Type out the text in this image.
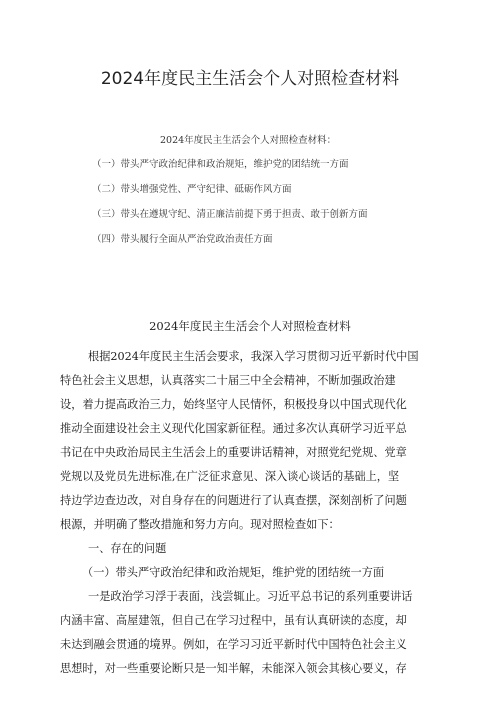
2024年度民主生活会个人对照检查材料
2024年度民主生活会个人对照检查材料：
（一）带头严守政治纪律和政治规矩，维护党的团结统一方面
（二）带头增强党性、严守纪律、砥砺作风方面
（三）带头在遵规守纪、清正廉洁前提下勇于担责、敢于创新方面
（四）带头履行全面从严治党政治责任方面
2024年度民主生活会个人对照检查材料
根据2024年度民主生活会要求，我深入学习贯彻习近平新时代中国
特色社会主义思想，认真落实二十届三中全会精神，不断加强政治建
设，着力提高政治三力，始终坚守人民情怀，积极投身以中国式现代化
推动全面建设社会主义现代化国家新征程。通过多次认真研学习近平总
书记在中央政治局民主生活会上的重要讲话精神，对照党纪党规、党章
党规以及党员先进标准,在广泛征求意见、深入谈心谈话的基础上，坚
持边学边查边改，对自身存在的问题进行了认真查摆，深刻剖析了问题
根源，并明确了整改措施和努力方向。现对照检查如下：
一、存在的问题
（一）带头严守政治纪律和政治规矩，维护党的团结统一方面
一是政治学习浮于表面，浅尝辄止。习近平总书记的系列重要讲话
内涵丰富、高屋建瓴，但自己在学习过程中，虽有认真研读的态度，却
未达到融会贯通的境界。例如，在学习习近平新时代中国特色社会主义
思想时，对一些重要论断只是一知半解，未能深入领会其核心要义，存
